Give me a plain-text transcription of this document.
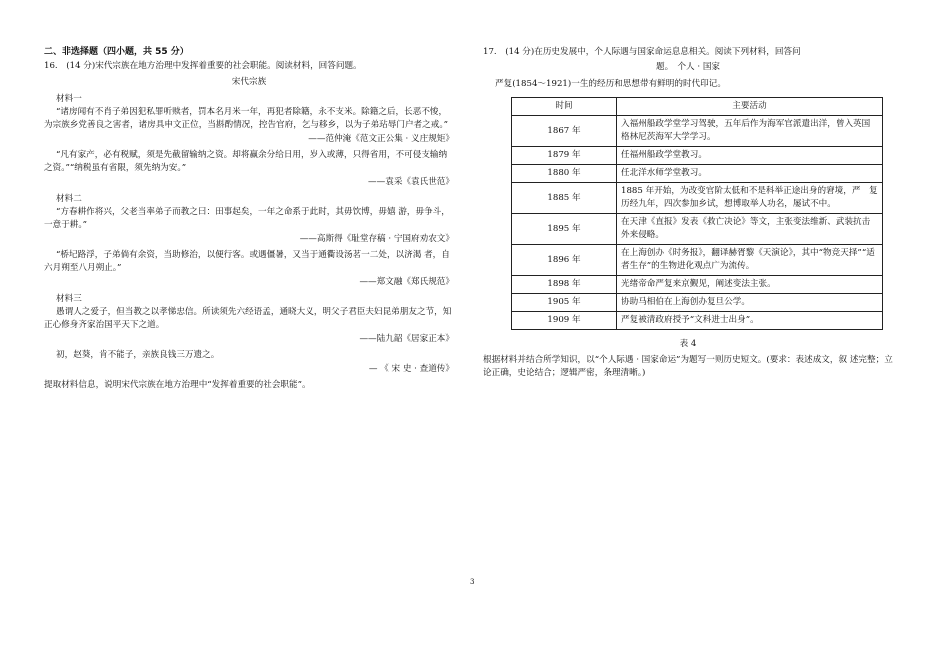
二、非选择题（四小题，共 55 分）

16.　(14 分)宋代宗族在地方治理中发挥着重要的社会职能。阅读材料，回答问题。

宋代宗族
材料一

“诸房闻有不肖子弟因犯私罪听赎者，罚本名月米一年，再犯者除籍，永不支米。除籍之后，长恶不悛，为宗族乡党善良之害者，诸房具申文正位，当斟酌情况，控告官府，乞与移乡，以为子弟玷辱门户者之戒。”

——范仲淹《范文正公集 · 义庄规矩》

“凡有家产，必有税赋，须是先截留输纳之资。却将赢余分给日用，岁入或薄，只得省用，不可侵支输纳之资。”“纳税虽有省限，须先纳为安。”

——袁采《袁氏世范》
材料二

“方春耕作将兴，父老当率弟子而教之曰：田事起矣，一年之命系于此时，其毋饮博，毋嬉 游，毋争斗，一意于耕。”

——高斯得《耻堂存稿 · 宁国府劝农文》

“桥圮路浮，子弟倘有余资，当助修治，以便行客。或遇僵暑，又当于通衢设汤茗一二处，以济渴 者，自六月朔至八月朔止。”

——郑文融《郑氏规范》
材料三

愚谓人之爱子，但当教之以孝悌忠信。所读须先六经语孟，通晓大义，明父子君臣夫妇昆弟朋友之节，知正心修身齐家治国平天下之道。

——陆九韶《居家正本》

初，赵葵，肯不能子，亲族良钱三万遗之。

— 《 宋 史 · 查道传》

提取材料信息，说明宋代宗族在地方治理中“发挥着重要的社会职能”。

17.　(14 分)在历史发展中，个人际遇与国家命运息息相关。阅读下列材料，回答问

题。　个人 · 国家

严复(1854～1921)一生的经历和思想带有鲜明的时代印记。

时间	主要活动
1867 年	入福州船政学堂学习驾驶，五年后作为海军官派遣出洋，曾入英国格林尼茨海军大学学习。
1879 年	任福州船政学堂教习。
1880 年	任北洋水师学堂教习。
1885 年	1885 年开始，为改变官阶太低和不是科举正途出身的窘境，严　复历经九年，四次参加乡试，想博取举人功名，屡试不中。
1895 年	在天津《直报》发表《救亡决论》等文，主张变法维新、武装抗击外来侵略。
1896 年	在上海创办《时务报》，翻译赫胥黎《天演论》，其中“物竞天择”“适者生存”的生物进化观点广为流传。
1898 年	光绪帝命严复来京觐见，阐述变法主张。
1905 年	协助马相伯在上海创办复旦公学。
1909 年	严复被清政府授予“文科进士出身”。
表 4

根据材料并结合所学知识，以“个人际遇 · 国家命运”为题写一则历史短文。(要求：表述成文，叙 述完整；立论正确，史论结合；逻辑严密，条理清晰。)

3
